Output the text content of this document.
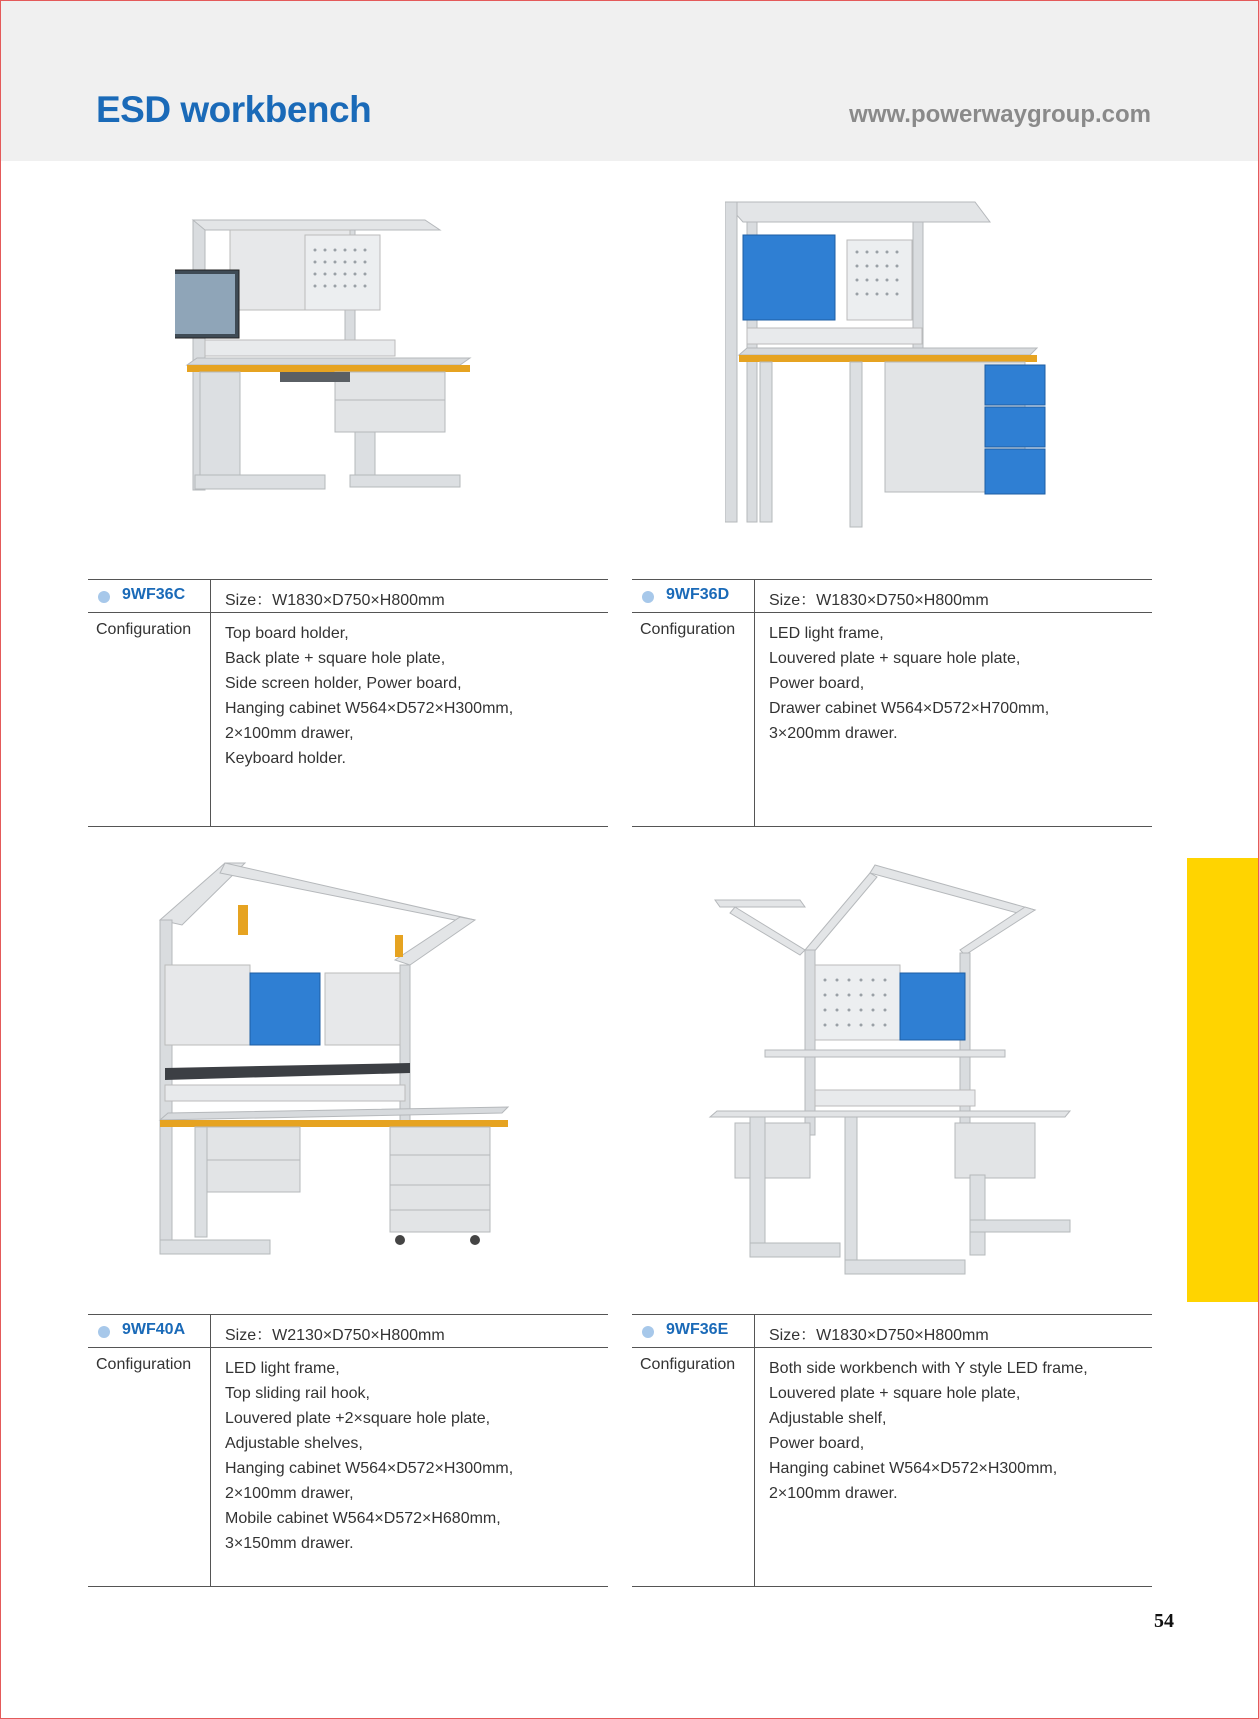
ESD workbench	www.powerwaygroup.com
9WF36C Size：W1830×D750×H800mm
Configuration Top board holder,
Back plate + square hole plate,
Side screen holder, Power board,
Hanging cabinet W564×D572×H300mm,
2×100mm drawer,
Keyboard holder.
9WF36D Size：W1830×D750×H800mm
Configuration LED light frame,
Louvered plate + square hole plate,
Power board,
Drawer cabinet W564×D572×H700mm,
3×200mm drawer.
9WF40A Size：W2130×D750×H800mm
Configuration LED light frame,
Top sliding rail hook,
Louvered plate +2×square hole plate,
Adjustable shelves,
Hanging cabinet W564×D572×H300mm,
2×100mm drawer,
Mobile cabinet W564×D572×H680mm,
3×150mm drawer.
9WF36E	Size：W1830×D750×H800mm
Configuration Both side workbench with Y style LED frame,
Louvered plate + square hole plate,
Adjustable shelf,
Power board,
Hanging cabinet W564×D572×H300mm,
2×100mm drawer.
54
